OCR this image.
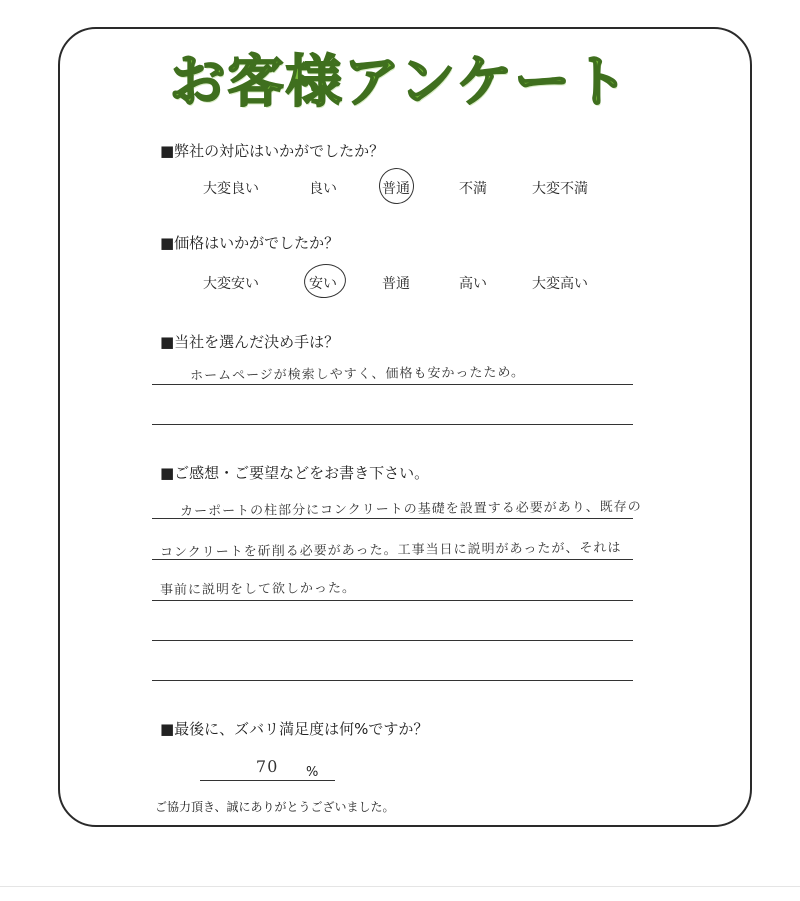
お客様アンケート
■弊社の対応はいかがでしたか？
大変良い	良い	普通	不満	大変不満
■価格はいかがでしたか？
大変安い	安い	普通	高い	大変高い
■当社を選んだ決め手は？
ホームページが検索しやすく、価格も安かったため。
■ご感想・ご要望などをお書き下さい。
カーポートの柱部分にコンクリートの基礎を設置する必要があり、既存の
コンクリートを斫削る必要があった。工事当日に説明があったが、それは
事前に説明をして欲しかった。
■最後に、ズバリ満足度は何%ですか？
70 %
ご協力頂き、誠にありがとうございました。
